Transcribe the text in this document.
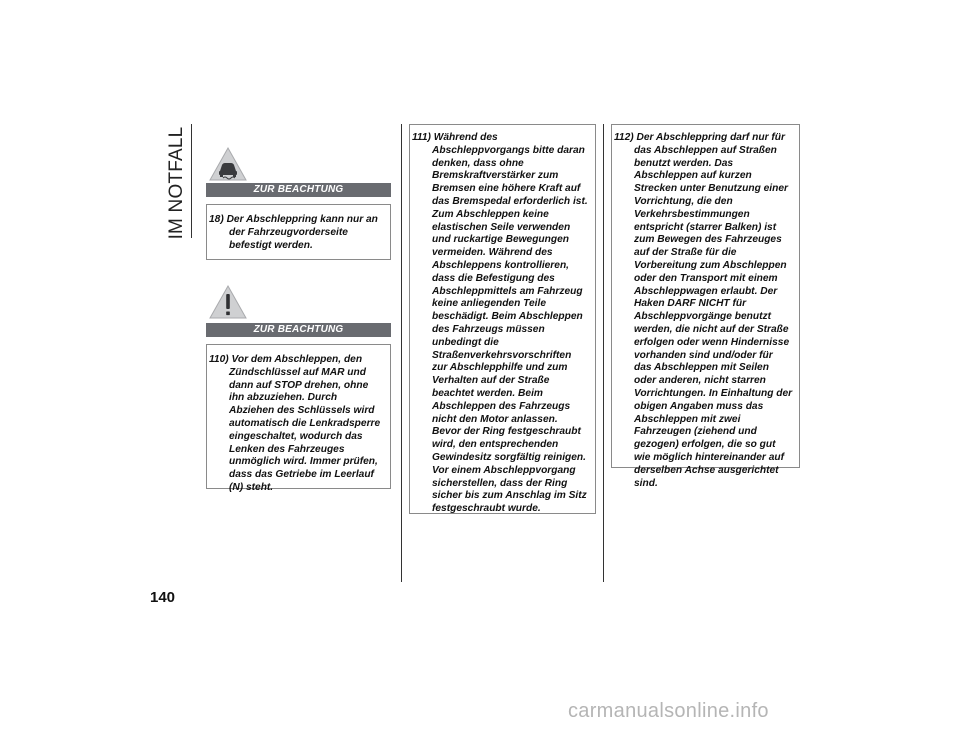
IM NOTFALL	ZUR BEACHTUNG

18) Der Abschleppring kann nur an der Fahrzeugvorderseite befestigt werden.

ZUR BEACHTUNG

110) Vor dem Abschleppen, den Zündschlüssel auf MAR und dann auf STOP drehen, ohne ihn abzuziehen. Durch Abziehen des Schlüssels wird automatisch die Lenkradsperre eingeschaltet, wodurch das Lenken des Fahrzeuges unmöglich wird. Immer prüfen, dass das Getriebe im Leerlauf (N) steht.

111) Während des Abschleppvorgangs bitte daran denken, dass ohne Bremskraftverstärker zum Bremsen eine höhere Kraft auf das Bremspedal erforderlich ist. Zum Abschleppen keine elastischen Seile verwenden und ruckartige Bewegungen vermeiden. Während des Abschleppens kontrollieren, dass die Befestigung des Abschleppmittels am Fahrzeug keine anliegenden Teile beschädigt. Beim Abschleppen des Fahrzeugs müssen unbedingt die Straßenverkehrsvorschriften zur Abschlepphilfe und zum Verhalten auf der Straße beachtet werden. Beim Abschleppen des Fahrzeugs nicht den Motor anlassen. Bevor der Ring festgeschraubt wird, den entsprechenden Gewindesitz sorgfältig reinigen. Vor einem Abschleppvorgang sicherstellen, dass der Ring sicher bis zum Anschlag im Sitz festgeschraubt wurde.

112) Der Abschleppring darf nur für das Abschleppen auf Straßen benutzt werden. Das Abschleppen auf kurzen Strecken unter Benutzung einer Vorrichtung, die den Verkehrsbestimmungen entspricht (starrer Balken) ist zum Bewegen des Fahrzeuges auf der Straße für die Vorbereitung zum Abschleppen oder den Transport mit einem Abschleppwagen erlaubt. Der Haken DARF NICHT für Abschleppvorgänge benutzt werden, die nicht auf der Straße erfolgen oder wenn Hindernisse vorhanden sind und/oder für das Abschleppen mit Seilen oder anderen, nicht starren Vorrichtungen. In Einhaltung der obigen Angaben muss das Abschleppen mit zwei Fahrzeugen (ziehend und gezogen) erfolgen, die so gut wie möglich hintereinander auf derselben Achse ausgerichtet sind.

140
carmanualsonline.info
